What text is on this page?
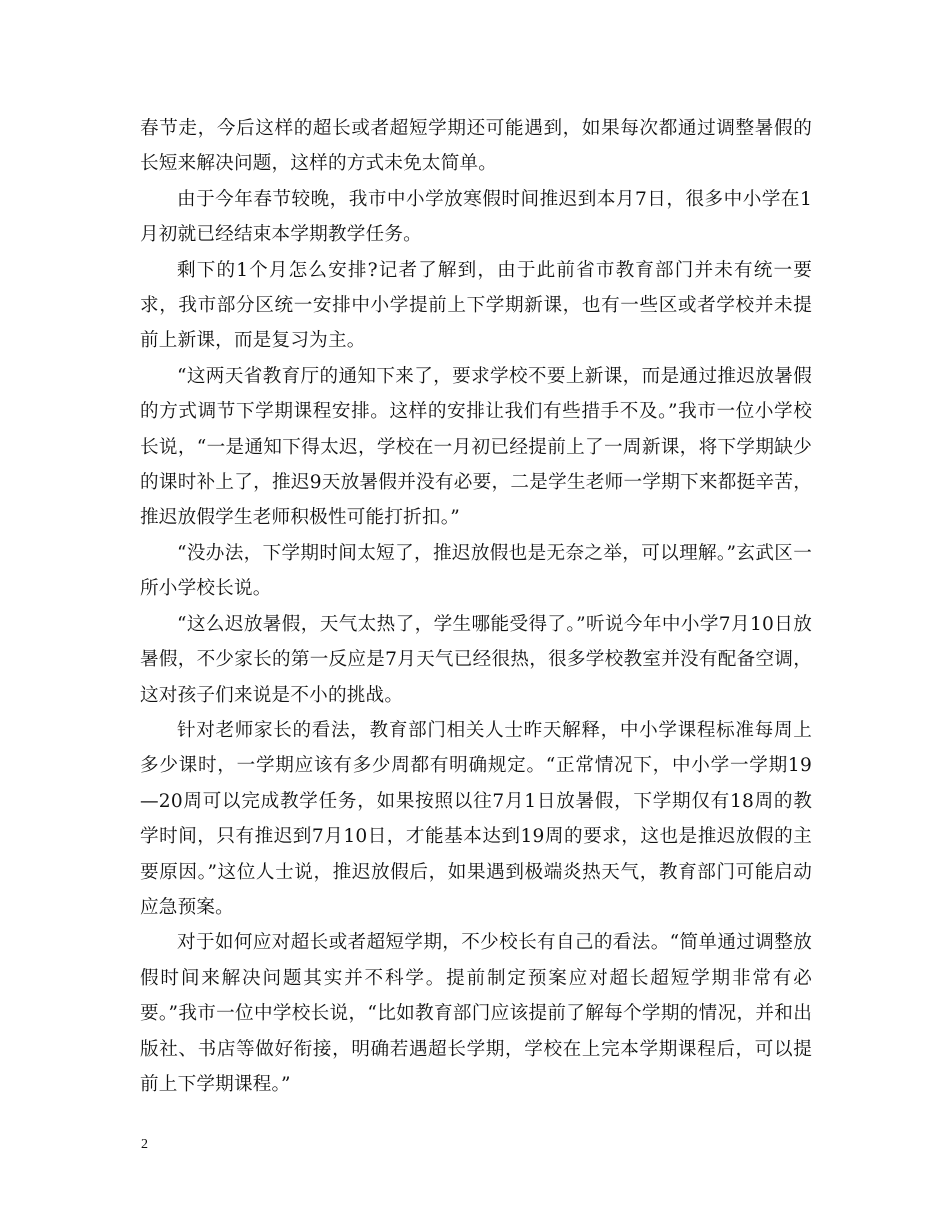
春节走，今后这样的超长或者超短学期还可能遇到，如果每次都通过调整暑假的长短来解决问题，这样的方式未免太简单。

由于今年春节较晚，我市中小学放寒假时间推迟到本月7日，很多中小学在1月初就已经结束本学期教学任务。

剩下的1个月怎么安排?记者了解到，由于此前省市教育部门并未有统一要求，我市部分区统一安排中小学提前上下学期新课，也有一些区或者学校并未提前上新课，而是复习为主。

“这两天省教育厅的通知下来了，要求学校不要上新课，而是通过推迟放暑假的方式调节下学期课程安排。这样的安排让我们有些措手不及。”我市一位小学校长说，“一是通知下得太迟，学校在一月初已经提前上了一周新课，将下学期缺少的课时补上了，推迟9天放暑假并没有必要，二是学生老师一学期下来都挺辛苦，推迟放假学生老师积极性可能打折扣。”

“没办法，下学期时间太短了，推迟放假也是无奈之举，可以理解。”玄武区一所小学校长说。

“这么迟放暑假，天气太热了，学生哪能受得了。”听说今年中小学7月10日放暑假，不少家长的第一反应是7月天气已经很热，很多学校教室并没有配备空调，这对孩子们来说是不小的挑战。

针对老师家长的看法，教育部门相关人士昨天解释，中小学课程标准每周上多少课时，一学期应该有多少周都有明确规定。“正常情况下，中小学一学期19—20周可以完成教学任务，如果按照以往7月1日放暑假，下学期仅有18周的教学时间，只有推迟到7月10日，才能基本达到19周的要求，这也是推迟放假的主要原因。”这位人士说，推迟放假后，如果遇到极端炎热天气，教育部门可能启动应急预案。

对于如何应对超长或者超短学期，不少校长有自己的看法。“简单通过调整放假时间来解决问题其实并不科学。提前制定预案应对超长超短学期非常有必要。”我市一位中学校长说，“比如教育部门应该提前了解每个学期的情况，并和出版社、书店等做好衔接，明确若遇超长学期，学校在上完本学期课程后，可以提前上下学期课程。”

2
